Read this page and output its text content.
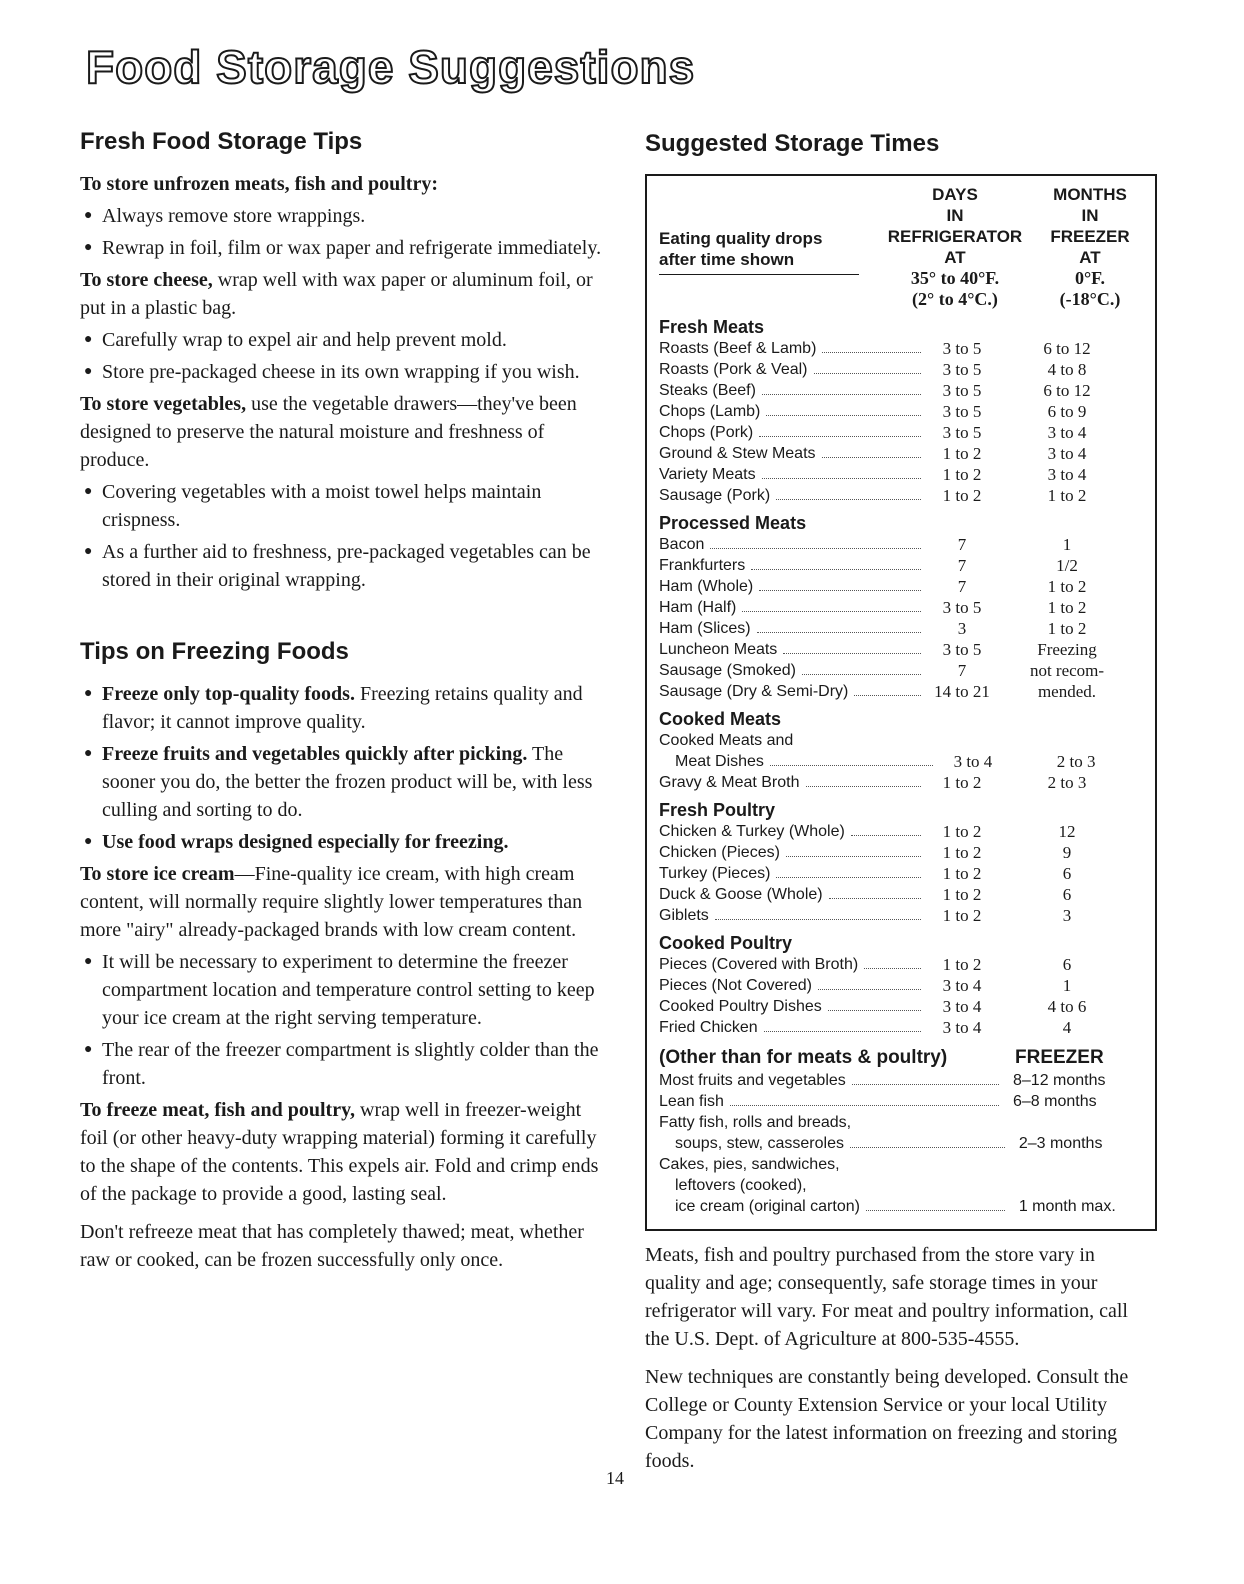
Food Storage Suggestions
Fresh Food Storage Tips

To store unfrozen meats, fish and poultry:

● Always remove store wrappings.
● Rewrap in foil, film or wax paper and refrigerate immediately.

To store cheese, wrap well with wax paper or aluminum foil, or put in a plastic bag.

● Carefully wrap to expel air and help prevent mold.
● Store pre-packaged cheese in its own wrapping if you wish.

To store vegetables, use the vegetable drawers—they've been designed to preserve the natural moisture and freshness of produce.

● Covering vegetables with a moist towel helps maintain crispness.
● As a further aid to freshness, pre-packaged vegetables can be stored in their original wrapping.
Tips on Freezing Foods
● Freeze only top-quality foods. Freezing retains quality and flavor; it cannot improve quality.
● Freeze fruits and vegetables quickly after picking. The sooner you do, the better the frozen product will be, with less culling and sorting to do.
● Use food wraps designed especially for freezing.

To store ice cream—Fine-quality ice cream, with high cream content, will normally require slightly lower temperatures than more "airy" already-packaged brands with low cream content.

● It will be necessary to experiment to determine the freezer compartment location and temperature control setting to keep your ice cream at the right serving temperature.
● The rear of the freezer compartment is slightly colder than the front.

To freeze meat, fish and poultry, wrap well in freezer-weight foil (or other heavy-duty wrapping material) forming it carefully to the shape of the contents. This expels air. Fold and crimp ends of the package to provide a good, lasting seal.

Don't refreeze meat that has completely thawed; meat, whether raw or cooked, can be frozen successfully only once.

14
Suggested Storage Times
Eating quality drops
after time shown
DAYS
IN
REFRIGERATOR
AT
35° to 40°F.
(2° to 4°C.)
MONTHS
IN
FREEZER
AT
0°F.
(-18°C.)
Fresh Meats
Roasts (Beef & Lamb)	3 to 5	6 to 12
Roasts (Pork & Veal)	3 to 5	4 to 8
Steaks (Beef)	3 to 5	6 to 12
Chops (Lamb)	3 to 5	6 to 9
Chops (Pork)	3 to 5	3 to 4
Ground & Stew Meats	1 to 2	3 to 4
Variety Meats	1 to 2	3 to 4
Sausage (Pork)	1 to 2	1 to 2
Processed Meats
Bacon	7	1
Frankfurters	7	1/2
Ham (Whole)	7	1 to 2
Ham (Half)	3 to 5	1 to 2
Ham (Slices)	3	1 to 2
Luncheon Meats	3 to 5	Freezing
Sausage (Smoked)	7	not recom-
Sausage (Dry & Semi-Dry)	14 to 21	mended.
Cooked Meats
Cooked Meats and
Meat Dishes	3 to 4	2 to 3
Gravy & Meat Broth	1 to 2	2 to 3
Fresh Poultry
Chicken & Turkey (Whole)	1 to 2	12
Chicken (Pieces)	1 to 2	9
Turkey (Pieces)	1 to 2	6
Duck & Goose (Whole)	1 to 2	6
Giblets	1 to 2	3
Cooked Poultry
Pieces (Covered with Broth)	1 to 2	6
Pieces (Not Covered)	3 to 4	1
Cooked Poultry Dishes	3 to 4	4 to 6
Fried Chicken	3 to 4	4
(Other than for meats & poultry)	FREEZER
Most fruits and vegetables	8–12 months
Lean fish	6–8 months
Fatty fish, rolls and breads,
soups, stew, casseroles	2–3 months
Cakes, pies, sandwiches,
leftovers (cooked),
ice cream (original carton)	1 month max.

Meats, fish and poultry purchased from the store vary in quality and age; consequently, safe storage times in your refrigerator will vary. For meat and poultry information, call the U.S. Dept. of Agriculture at 800-535-4555.

New techniques are constantly being developed. Consult the College or County Extension Service or your local Utility Company for the latest information on freezing and storing foods.
